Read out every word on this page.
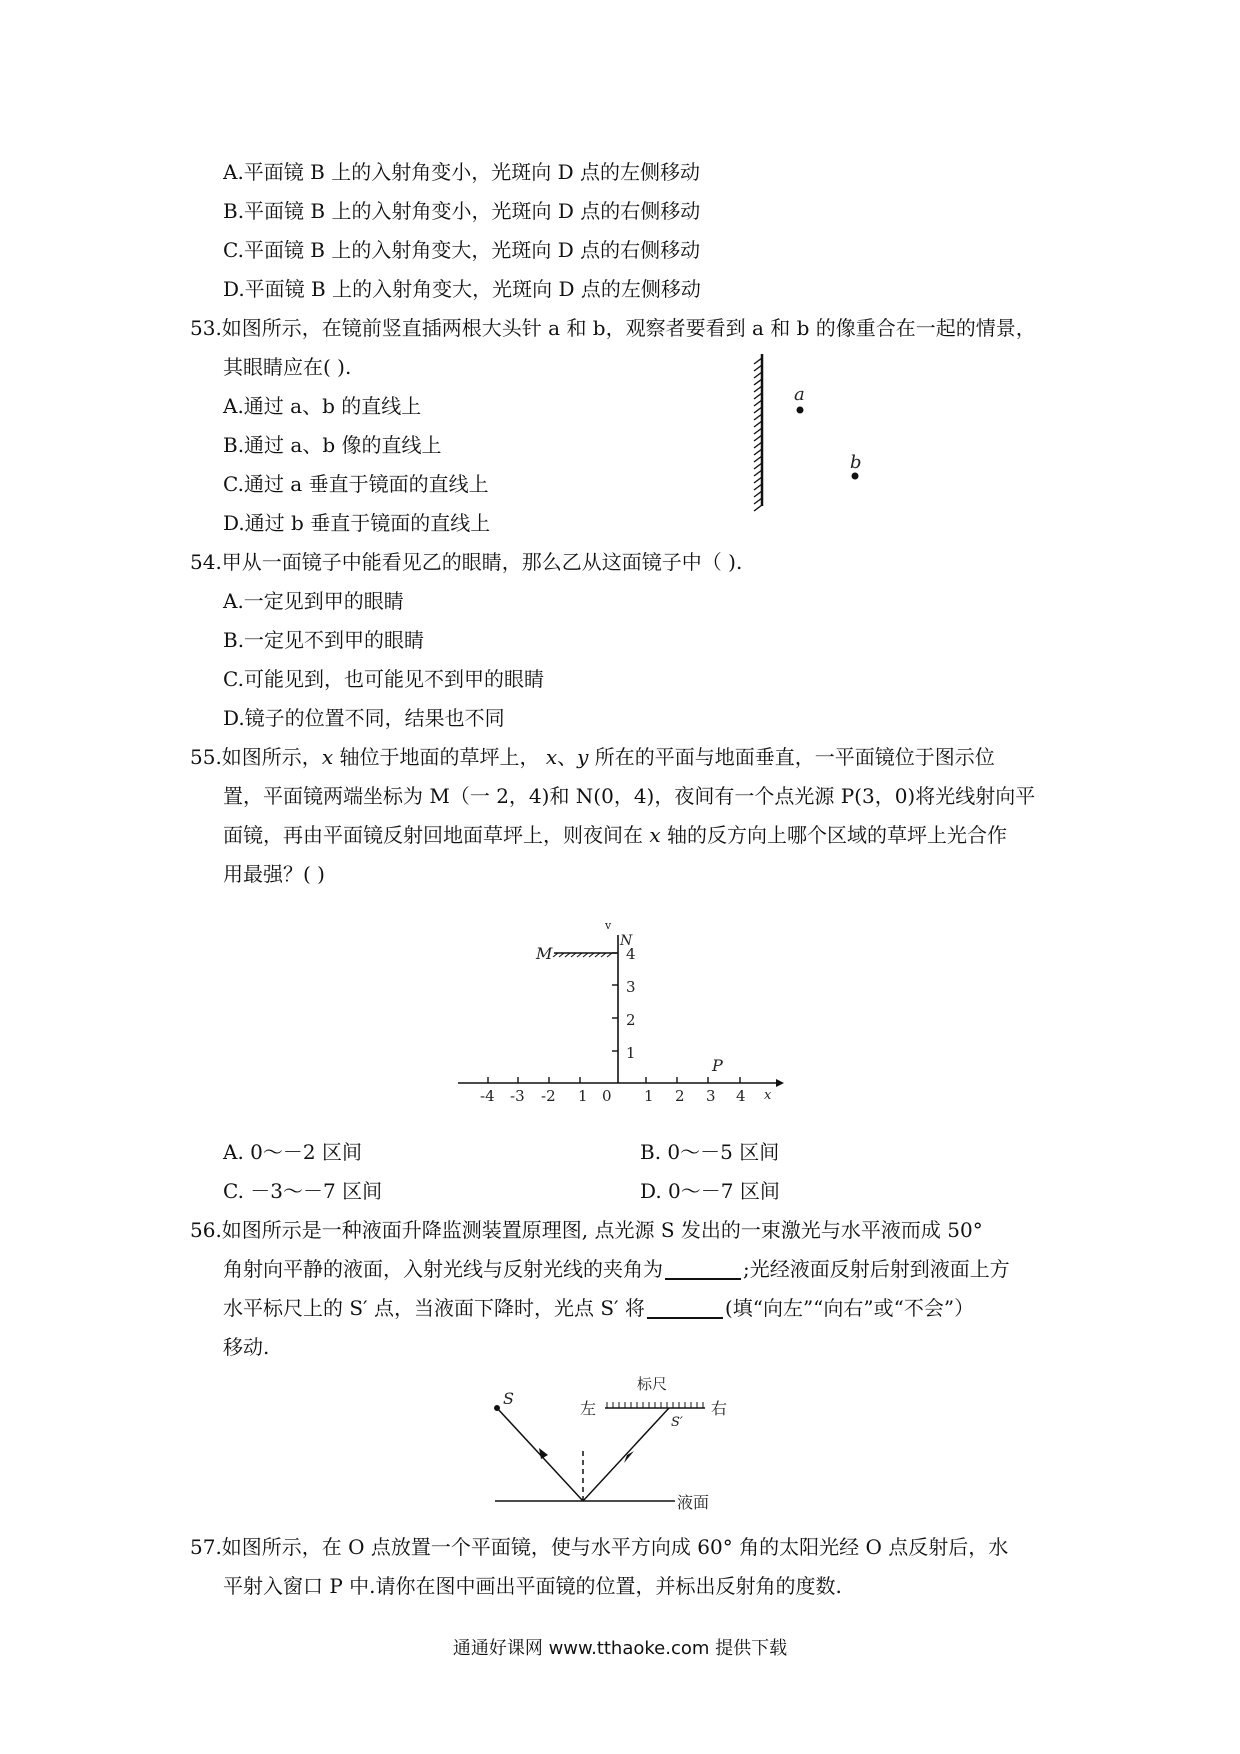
A.平面镜 B 上的入射角变小，光斑向 D 点的左侧移动
B.平面镜 B 上的入射角变小，光斑向 D 点的右侧移动
C.平面镜 B 上的入射角变大，光斑向 D 点的右侧移动
D.平面镜 B 上的入射角变大，光斑向 D 点的左侧移动
53.如图所示，在镜前竖直插两根大头针 a 和 b，观察者要看到 a 和 b 的像重合在一起的情景，
其眼睛应在( ).
A.通过 a、b 的直线上
B.通过 a、b 像的直线上
C.通过 a 垂直于镜面的直线上
D.通过 b 垂直于镜面的直线上
a
b
54.甲从一面镜子中能看见乙的眼睛，那么乙从这面镜子中（ ).
A.一定见到甲的眼睛
B.一定见不到甲的眼睛
C.可能见到，也可能见不到甲的眼睛
D.镜子的位置不同，结果也不同
55.如图所示，x 轴位于地面的草坪上， x、y 所在的平面与地面垂直，一平面镜位于图示位
置，平面镜两端坐标为 M（一 2，4)和 N(0，4)，夜间有一个点光源 P(3，0)将光线射向平
面镜，再由平面镜反射回地面草坪上，则夜间在 x 轴的反方向上哪个区域的草坪上光合作
用最强？( )
v
x
-4 -3 -2 1 0 1 2 3 4
1
2
3
4
M
N
P
A. 0～－2 区间	B. 0～－5 区间
C. －3～－7 区间	D. 0～－7 区间
56.如图所示是一种液面升降监测装置原理图, 点光源 S 发出的一束激光与水平液而成 50°
角射向平静的液面，入射光线与反射光线的夹角为	;光经液面反射后射到液面上方
水平标尺上的 S′ 点，当液面下降时，光点 S′ 将	(填“向左”“向右”或“不会”）
移动.
液面
S
标尺
左	右
S′
57.如图所示，在 O 点放置一个平面镜，使与水平方向成 60° 角的太阳光经 O 点反射后，水
平射入窗口 P 中.请你在图中画出平面镜的位置，并标出反射角的度数.
通通好课网 www.tthaoke.com 提供下载
